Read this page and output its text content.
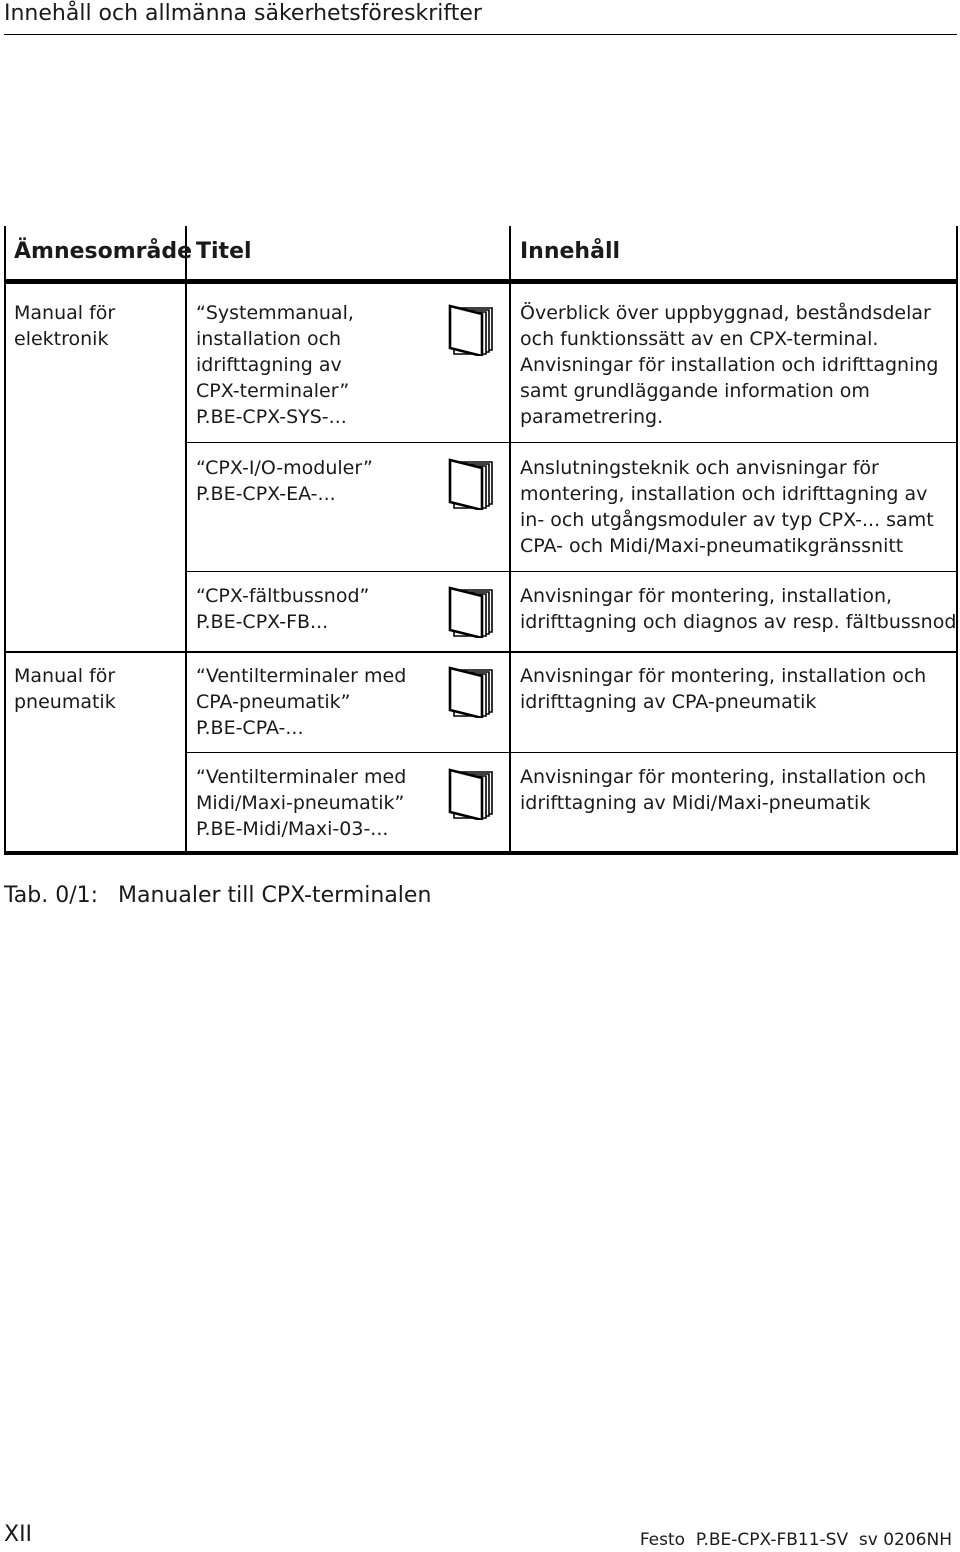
Innehåll och allmänna säkerhetsföreskrifter
Ämnesområde Titel	Innehåll
Manual för
elektronik
Manual för
pneumatik
“Systemmanual,
installation och
idrifttagning av
CPX-terminaler”
P.BE-CPX-SYS-...
Överblick över uppbyggnad, beståndsdelar
och funktionssätt av en CPX-terminal.
Anvisningar för installation och idrifttagning
samt grundläggande information om
parametrering.
“CPX-I/O-moduler”
P.BE-CPX-EA-...
Anslutningsteknik och anvisningar för
montering, installation och idrifttagning av
in- och utgångsmoduler av typ CPX-... samt
CPA- och Midi/Maxi-pneumatikgränssnitt
“CPX-fältbussnod”
P.BE-CPX-FB...
Anvisningar för montering, installation,
idrifttagning och diagnos av resp. fältbussnod
“Ventilterminaler med
CPA-pneumatik”
P.BE-CPA-...
Anvisningar för montering, installation och
idrifttagning av CPA-pneumatik
“Ventilterminaler med
Midi/Maxi-pneumatik”
P.BE-Midi/Maxi-03-...
Anvisningar för montering, installation och
idrifttagning av Midi/Maxi-pneumatik
Tab. 0/1: Manualer till CPX-terminalen
XII	Festo  P.BE-CPX-FB11-SV  sv 0206NH
